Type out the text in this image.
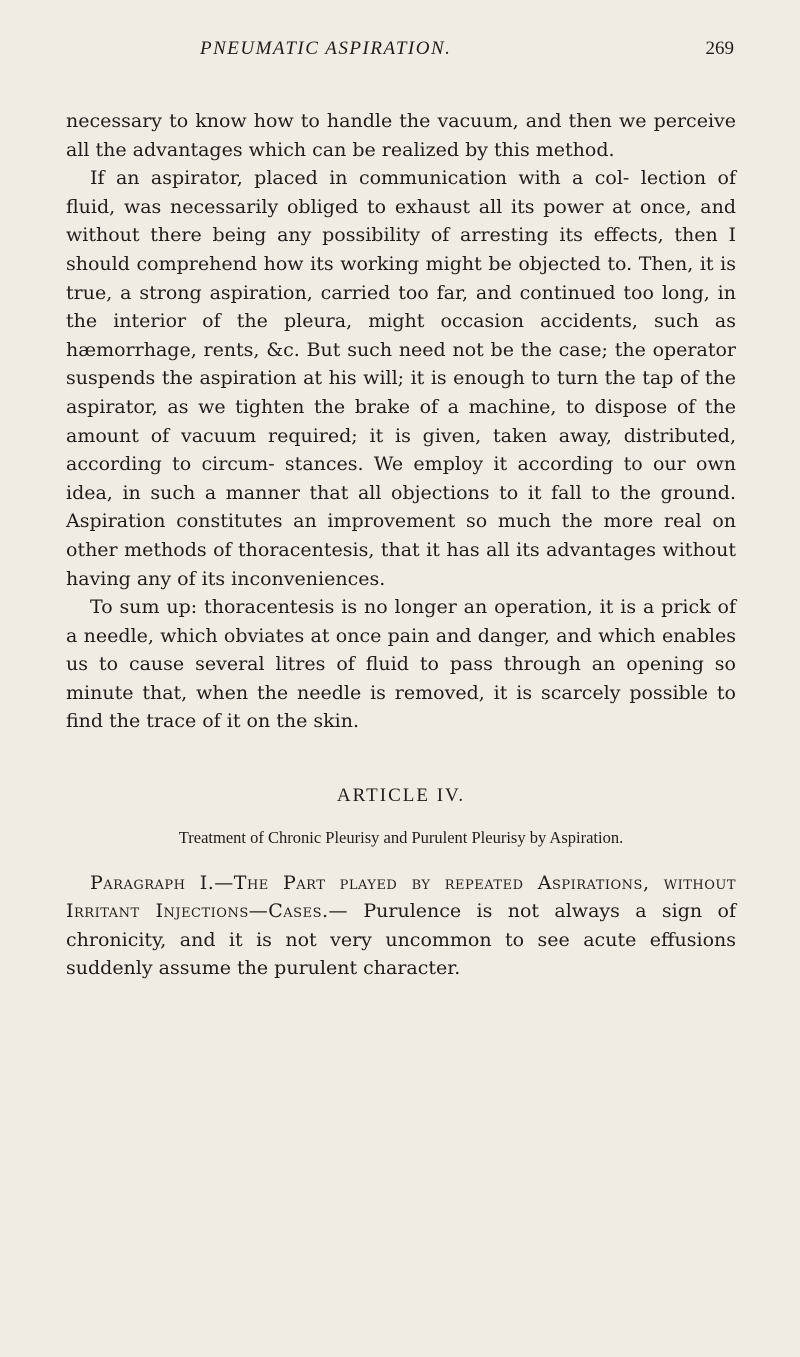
PNEUMATIC ASPIRATION.	269

necessary to know how to handle the vacuum, and then we perceive all the advantages which can be realized by this method.

If an aspirator, placed in communication with a col- lection of fluid, was necessarily obliged to exhaust all its power at once, and without there being any possibility of arresting its effects, then I should comprehend how its working might be objected to. Then, it is true, a strong aspiration, carried too far, and continued too long, in the interior of the pleura, might occasion accidents, such as hæmorrhage, rents, &c. But such need not be the case; the operator suspends the aspiration at his will; it is enough to turn the tap of the aspirator, as we tighten the brake of a machine, to dispose of the amount of vacuum required; it is given, taken away, distributed, according to circum- stances. We employ it according to our own idea, in such a manner that all objections to it fall to the ground. Aspiration constitutes an improvement so much the more real on other methods of thoracentesis, that it has all its advantages without having any of its inconveniences.

To sum up: thoracentesis is no longer an operation, it is a prick of a needle, which obviates at once pain and danger, and which enables us to cause several litres of fluid to pass through an opening so minute that, when the needle is removed, it is scarcely possible to find the trace of it on the skin.

ARTICLE IV.
Treatment of Chronic Pleurisy and Purulent Pleurisy by Aspiration.

Paragraph I.—The Part played by repeated Aspirations, without Irritant Injections—Cases.— Purulence is not always a sign of chronicity, and it is not very uncommon to see acute effusions suddenly assume the purulent character.
